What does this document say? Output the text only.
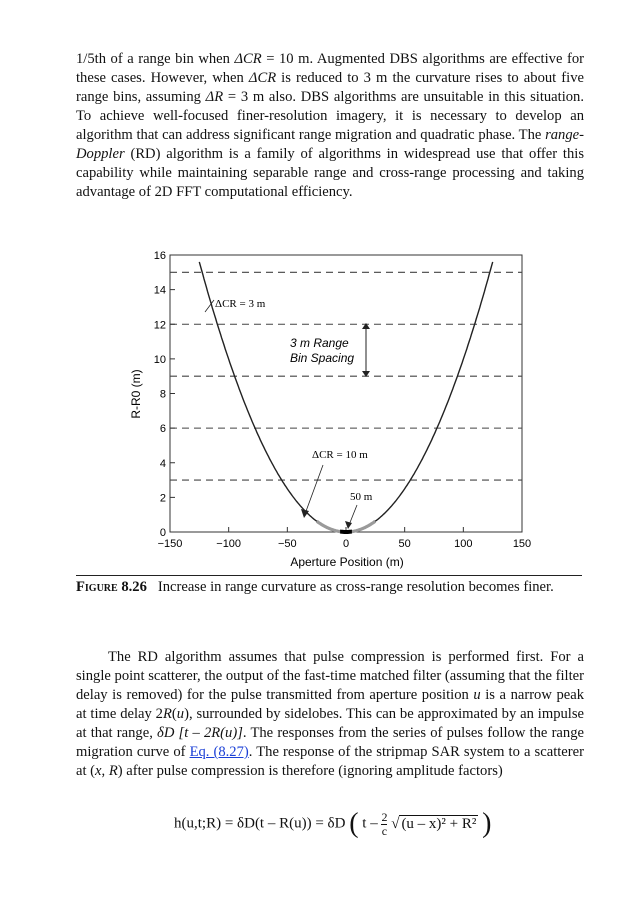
1/5th of a range bin when ΔCR = 10 m. Augmented DBS algorithms are effective for these cases. However, when ΔCR is reduced to 3 m the curvature rises to about five range bins, assuming ΔR = 3 m also. DBS algorithms are unsuitable in this situation. To achieve well-focused finer-resolution imagery, it is necessary to develop an algorithm that can address significant range migration and quadratic phase. The range-Doppler (RD) algorithm is a family of algorithms in widespread use that offer this capability while maintaining separable range and cross-range processing and taking advantage of 2D FFT computational efficiency.

0
2
4
6
8
10
12
14
16
−150	−100	−50	0	50	100	150
ΔCR = 3 m
3 m Range
Bin Spacing
ΔCR = 10 m
50 m
Aperture Position (m)
R-R0 (m)

Figure 8.26 Increase in range curvature as cross-range resolution becomes finer.

The RD algorithm assumes that pulse compression is performed first. For a single point scatterer, the output of the fast-time matched filter (assuming that the filter delay is removed) for the pulse transmitted from aperture position u is a narrow peak at time delay 2R(u), surrounded by sidelobes. This can be approximated by an impulse at that range, δD [t – 2R(u)]. The responses from the series of pulses follow the range migration curve of Eq. (8.27). The response of the stripmap SAR system to a scatterer at (x, R) after pulse compression is therefore (ignoring amplitude factors)

h(u,t;R) = δD(t – R(u)) = δD ( t – $\frac{2}{c}$ √ (u – x)² + R² )
